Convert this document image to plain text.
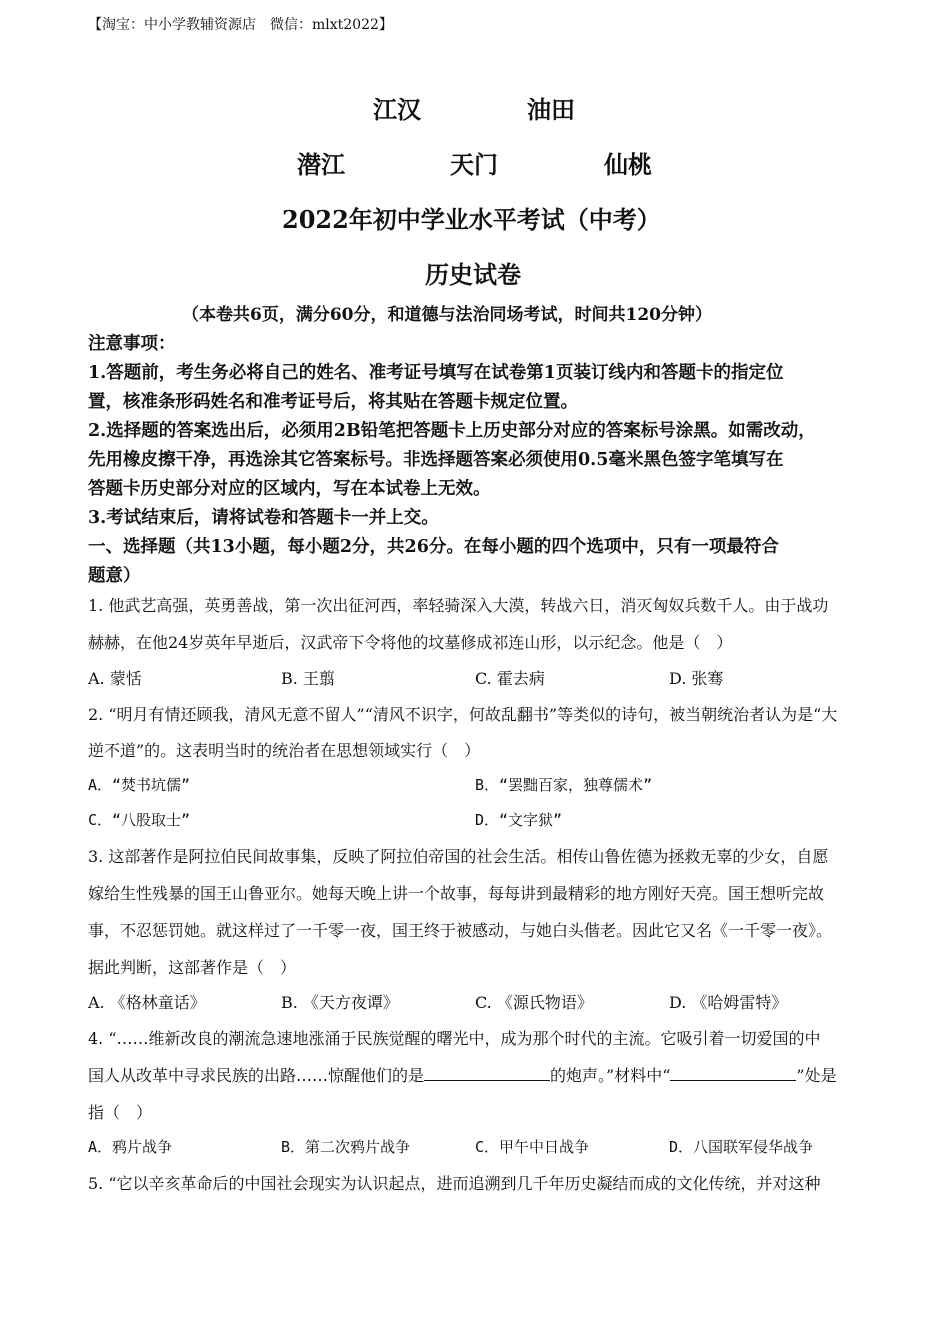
【淘宝：中小学教辅资源店　微信：mlxt2022】
江汉	油田
潜江	天门	仙桃
2022年初中学业水平考试（中考）
历史试卷
（本卷共6页，满分60分，和道德与法治同场考试，时间共120分钟）
注意事项：
1.答题前，考生务必将自己的姓名、准考证号填写在试卷第1页装订线内和答题卡的指定位
置，核准条形码姓名和准考证号后，将其贴在答题卡规定位置。
2.选择题的答案选出后，必须用2B铅笔把答题卡上历史部分对应的答案标号涂黑。如需改动，
先用橡皮擦干净，再选涂其它答案标号。非选择题答案必须使用0.5毫米黑色签字笔填写在
答题卡历史部分对应的区域内，写在本试卷上无效。
3.考试结束后，请将试卷和答题卡一并上交。
一、选择题（共13小题，每小题2分，共26分。在每小题的四个选项中，只有一项最符合
题意）
1. 他武艺高强，英勇善战，第一次出征河西，率轻骑深入大漠，转战六日，消灭匈奴兵数千人。由于战功
赫赫，在他24岁英年早逝后，汉武帝下令将他的坟墓修成祁连山形，以示纪念。他是（　）
A. 蒙恬	B. 王翦	C. 霍去病	D. 张骞
2. “明月有情还顾我，清风无意不留人”“清风不识字，何故乱翻书”等类似的诗句，被当朝统治者认为是“大
逆不道”的。这表明当时的统治者在思想领域实行（　）
A．“焚书坑儒”	B．“罢黜百家，独尊儒术”
C．“八股取士”	D．“文字狱”
3. 这部著作是阿拉伯民间故事集，反映了阿拉伯帝国的社会生活。相传山鲁佐德为拯救无辜的少女，自愿
嫁给生性残暴的国王山鲁亚尔。她每天晚上讲一个故事，每每讲到最精彩的地方刚好天亮。国王想听完故
事，不忍惩罚她。就这样过了一千零一夜，国王终于被感动，与她白头偕老。因此它又名《一千零一夜》。
据此判断，这部著作是（　）
A. 《格林童话》	B. 《天方夜谭》	C. 《源氏物语》	D. 《哈姆雷特》
4. “……维新改良的潮流急速地涨涌于民族觉醒的曙光中，成为那个时代的主流。它吸引着一切爱国的中
国人从改革中寻求民族的出路……惊醒他们的是	的炮声。”材料中“	”处是
指（　）
A．鸦片战争	B．第二次鸦片战争	C．甲午中日战争	D．八国联军侵华战争
5. “它以辛亥革命后的中国社会现实为认识起点，进而追溯到几千年历史凝结而成的文化传统，并对这种
